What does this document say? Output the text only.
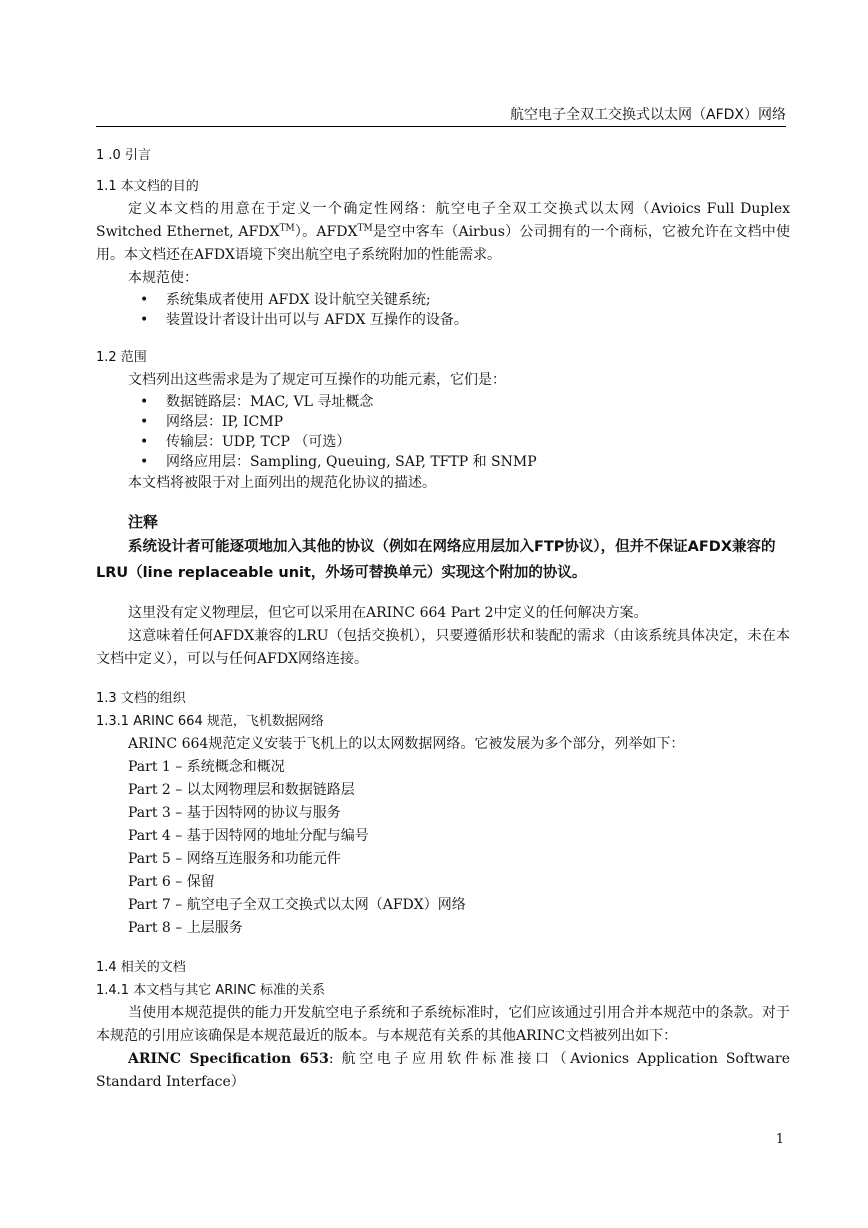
航空电子全双工交换式以太网（AFDX）网络

1 .0 引言

1.1 本文档的目的

定义本文档的用意在于定义一个确定性网络：航空电子全双工交换式以太网（Avioics Full Duplex Switched Ethernet, AFDX™）。AFDX™是空中客车（Airbus）公司拥有的一个商标，它被允许在文档中使用。本文档还在AFDX语境下突出航空电子系统附加的性能需求。

本规范使：

• 系统集成者使用 AFDX 设计航空关键系统;
• 装置设计者设计出可以与 AFDX 互操作的设备。

1.2 范围

文档列出这些需求是为了规定可互操作的功能元素，它们是：

• 数据链路层：MAC, VL 寻址概念
• 网络层：IP, ICMP
• 传输层：UDP, TCP （可选）
• 网络应用层：Sampling, Queuing, SAP, TFTP 和 SNMP

本文档将被限于对上面列出的规范化协议的描述。

注释

系统设计者可能逐项地加入其他的协议（例如在网络应用层加入FTP协议），但并不保证AFDX兼容的LRU（line replaceable unit，外场可替换单元）实现这个附加的协议。

这里没有定义物理层，但它可以采用在ARINC 664 Part 2中定义的任何解决方案。

这意味着任何AFDX兼容的LRU（包括交换机），只要遵循形状和装配的需求（由该系统具体决定，未在本文档中定义），可以与任何AFDX网络连接。

1.3 文档的组织

1.3.1 ARINC 664 规范，飞机数据网络

ARINC 664规范定义安装于飞机上的以太网数据网络。它被发展为多个部分，列举如下：

Part 1 – 系统概念和概况
Part 2 – 以太网物理层和数据链路层
Part 3 – 基于因特网的协议与服务
Part 4 – 基于因特网的地址分配与编号
Part 5 – 网络互连服务和功能元件
Part 6 – 保留
Part 7 – 航空电子全双工交换式以太网（AFDX）网络
Part 8 – 上层服务

1.4 相关的文档

1.4.1 本文档与其它 ARINC 标准的关系

当使用本规范提供的能力开发航空电子系统和子系统标准时，它们应该通过引用合并本规范中的条款。对于本规范的引用应该确保是本规范最近的版本。与本规范有关系的其他ARINC文档被列出如下：

ARINC Specification 653: 航空电子应用软件标准接口（Avionics Application Software Standard Interface）

1
